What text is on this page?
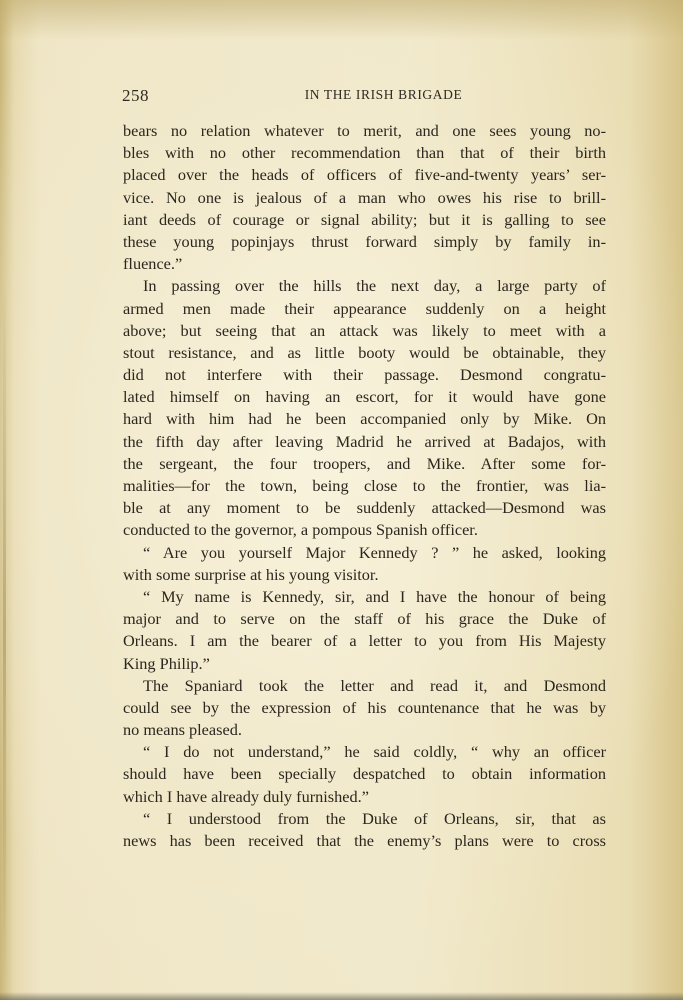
258	IN THE IRISH BRIGADE
bears no relation whatever to merit, and one sees young no-
bles with no other recommendation than that of their birth
placed over the heads of officers of five-and-twenty years’ ser-
vice. No one is jealous of a man who owes his rise to brill-
iant deeds of courage or signal ability; but it is galling to see
these young popinjays thrust forward simply by family in-
fluence.”
In passing over the hills the next day, a large party of
armed men made their appearance suddenly on a height
above; but seeing that an attack was likely to meet with a
stout resistance, and as little booty would be obtainable, they
did not interfere with their passage. Desmond congratu-
lated himself on having an escort, for it would have gone
hard with him had he been accompanied only by Mike. On
the fifth day after leaving Madrid he arrived at Badajos, with
the sergeant, the four troopers, and Mike. After some for-
malities—for the town, being close to the frontier, was lia-
ble at any moment to be suddenly attacked—Desmond was
conducted to the governor, a pompous Spanish officer.
“ Are you yourself Major Kennedy ? ” he asked, looking
with some surprise at his young visitor.
“ My name is Kennedy, sir, and I have the honour of being
major and to serve on the staff of his grace the Duke of
Orleans. I am the bearer of a letter to you from His Majesty
King Philip.”
The Spaniard took the letter and read it, and Desmond
could see by the expression of his countenance that he was by
no means pleased.
“ I do not understand,” he said coldly, “ why an officer
should have been specially despatched to obtain information
which I have already duly furnished.”
“ I understood from the Duke of Orleans, sir, that as
news has been received that the enemy’s plans were to cross
